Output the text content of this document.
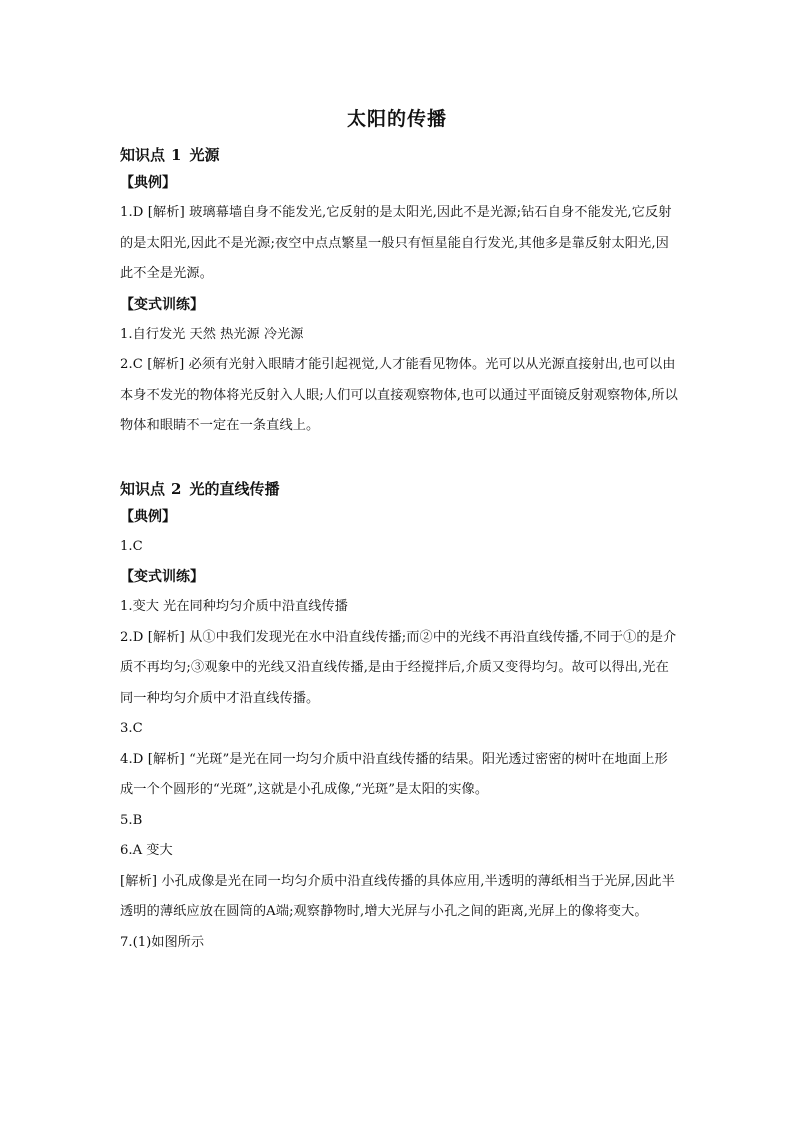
太阳的传播
知识点 1 光源
【典例】

1.D [解析] 玻璃幕墙自身不能发光,它反射的是太阳光,因此不是光源;钻石自身不能发光,它反射的是太阳光,因此不是光源;夜空中点点繁星一般只有恒星能自行发光,其他多是靠反射太阳光,因此不全是光源。

【变式训练】
1.自行发光 天然 热光源 冷光源

2.C [解析] 必须有光射入眼睛才能引起视觉,人才能看见物体。光可以从光源直接射出,也可以由本身不发光的物体将光反射入人眼;人们可以直接观察物体,也可以通过平面镜反射观察物体,所以物体和眼睛不一定在一条直线上。

知识点 2 光的直线传播
【典例】
1.C
【变式训练】
1.变大 光在同种均匀介质中沿直线传播

2.D [解析] 从①中我们发现光在水中沿直线传播;而②中的光线不再沿直线传播,不同于①的是介质不再均匀;③观象中的光线又沿直线传播,是由于经搅拌后,介质又变得均匀。故可以得出,光在同一种均匀介质中才沿直线传播。

3.C

4.D [解析] “光斑”是光在同一均匀介质中沿直线传播的结果。阳光透过密密的树叶在地面上形成一个个圆形的“光斑”,这就是小孔成像,“光斑”是太阳的实像。

5.B
6.A 变大

[解析] 小孔成像是光在同一均匀介质中沿直线传播的具体应用,半透明的薄纸相当于光屏,因此半透明的薄纸应放在圆筒的A端;观察静物时,增大光屏与小孔之间的距离,光屏上的像将变大。

7.(1)如图所示
